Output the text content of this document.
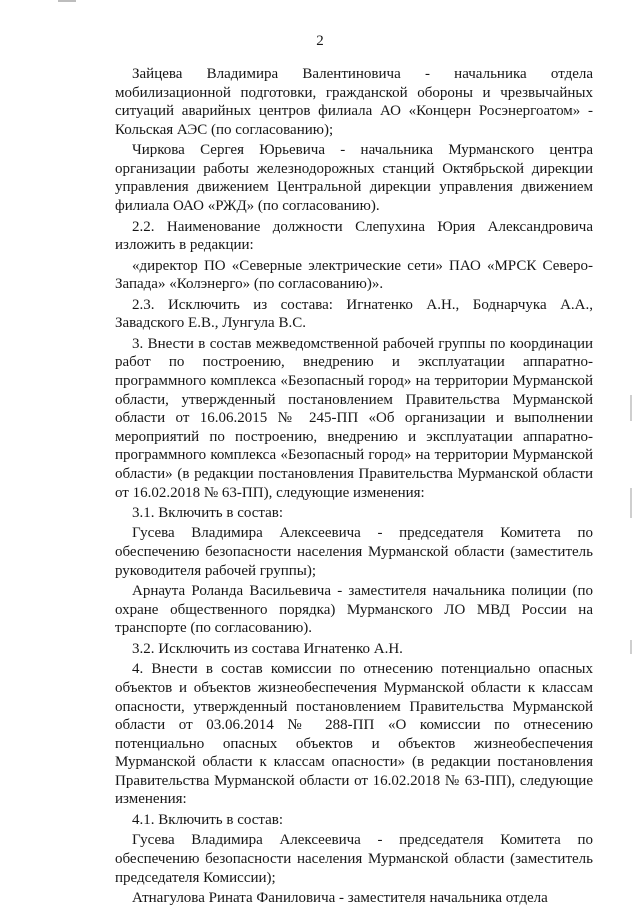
2

Зайцева Владимира Валентиновича - начальника отдела мобилизационной подготовки, гражданской обороны и чрезвычайных ситуаций аварийных центров филиала АО «Концерн Росэнергоатом» - Кольская АЭС (по согласованию);

Чиркова Сергея Юрьевича - начальника Мурманского центра организации работы железнодорожных станций Октябрьской дирекции управления движением Центральной дирекции управления движением филиала ОАО «РЖД» (по согласованию).

2.2. Наименование должности Слепухина Юрия Александровича изложить в редакции:

«директор ПО «Северные электрические сети» ПАО «МРСК Северо-Запада» «Колэнерго» (по согласованию)».

2.3. Исключить из состава: Игнатенко А.Н., Боднарчука А.А., Завадского Е.В., Лунгула В.С.

3. Внести в состав межведомственной рабочей группы по координации работ по построению, внедрению и эксплуатации аппаратно-программного комплекса «Безопасный город» на территории Мурманской области, утвержденный постановлением Правительства Мурманской области от 16.06.2015 № 245-ПП «Об организации и выполнении мероприятий по построению, внедрению и эксплуатации аппаратно-программного комплекса «Безопасный город» на территории Мурманской области» (в редакции постановления Правительства Мурманской области от 16.02.2018 № 63-ПП), следующие изменения:

3.1. Включить в состав:

Гусева Владимира Алексеевича - председателя Комитета по обеспечению безопасности населения Мурманской области (заместитель руководителя рабочей группы);

Арнаута Роланда Васильевича - заместителя начальника полиции (по охране общественного порядка) Мурманского ЛО МВД России на транспорте (по согласованию).

3.2. Исключить из состава Игнатенко А.Н.

4. Внести в состав комиссии по отнесению потенциально опасных объектов и объектов жизнеобеспечения Мурманской области к классам опасности, утвержденный постановлением Правительства Мурманской области от 03.06.2014 № 288-ПП «О комиссии по отнесению потенциально опасных объектов и объектов жизнеобеспечения Мурманской области к классам опасности» (в редакции постановления Правительства Мурманской области от 16.02.2018 № 63-ПП), следующие изменения:

4.1. Включить в состав:

Гусева Владимира Алексеевича - председателя Комитета по обеспечению безопасности населения Мурманской области (заместитель председателя Комиссии);

Атнагулова Рината Фаниловича - заместителя начальника отдела
